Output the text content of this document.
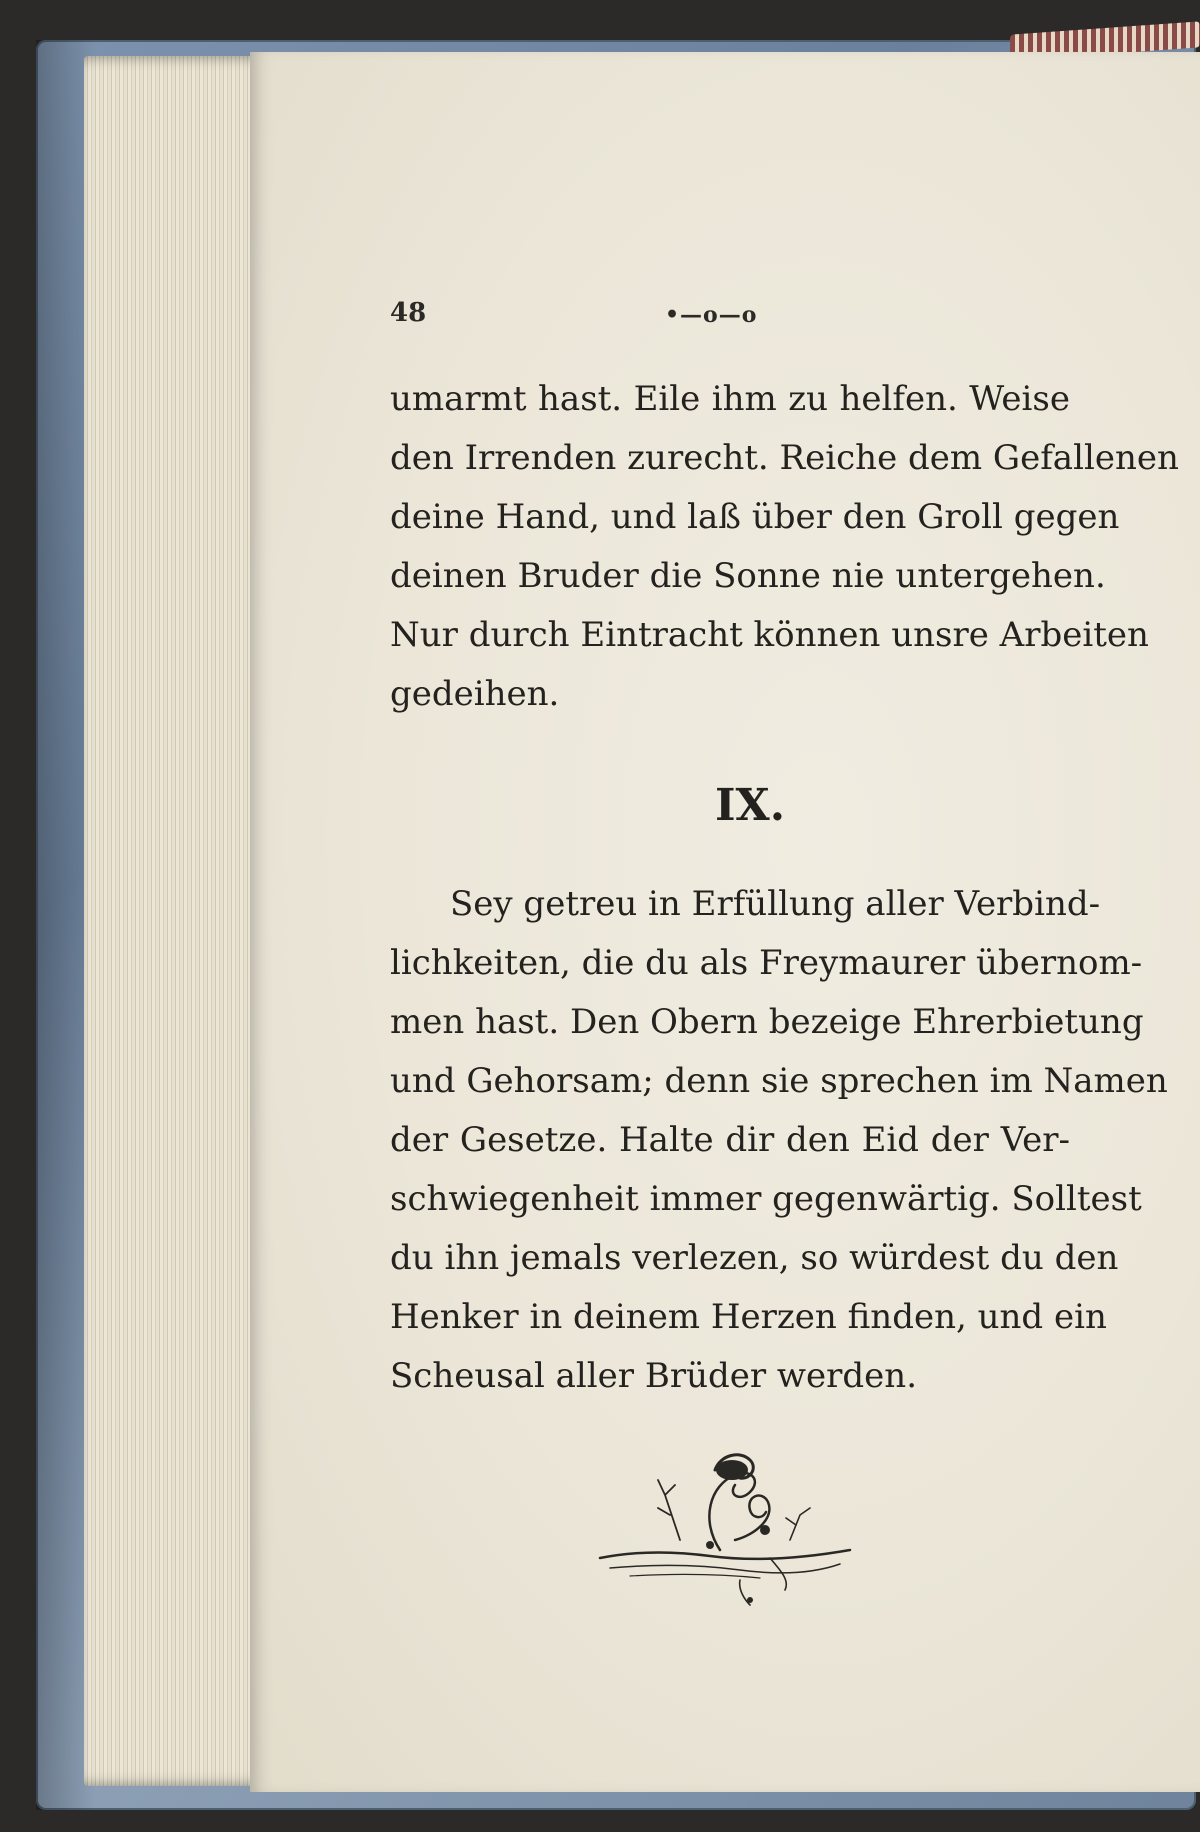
48	•—o—o
umarmt hast. Eile ihm zu helfen. Weise
den Irrenden zurecht. Reiche dem Gefallenen
deine Hand, und laß über den Groll gegen
deinen Bruder die Sonne nie untergehen.
Nur durch Eintracht können unsre Arbeiten
gedeihen.
IX.
Sey getreu in Erfüllung aller Verbind-
lichkeiten, die du als Freymaurer übernom-
men hast. Den Obern bezeige Ehrerbietung
und Gehorsam; denn sie sprechen im Namen
der Gesetze. Halte dir den Eid der Ver-
schwiegenheit immer gegenwärtig. Solltest
du ihn jemals verlezen, so würdest du den
Henker in deinem Herzen finden, und ein
Scheusal aller Brüder werden.
